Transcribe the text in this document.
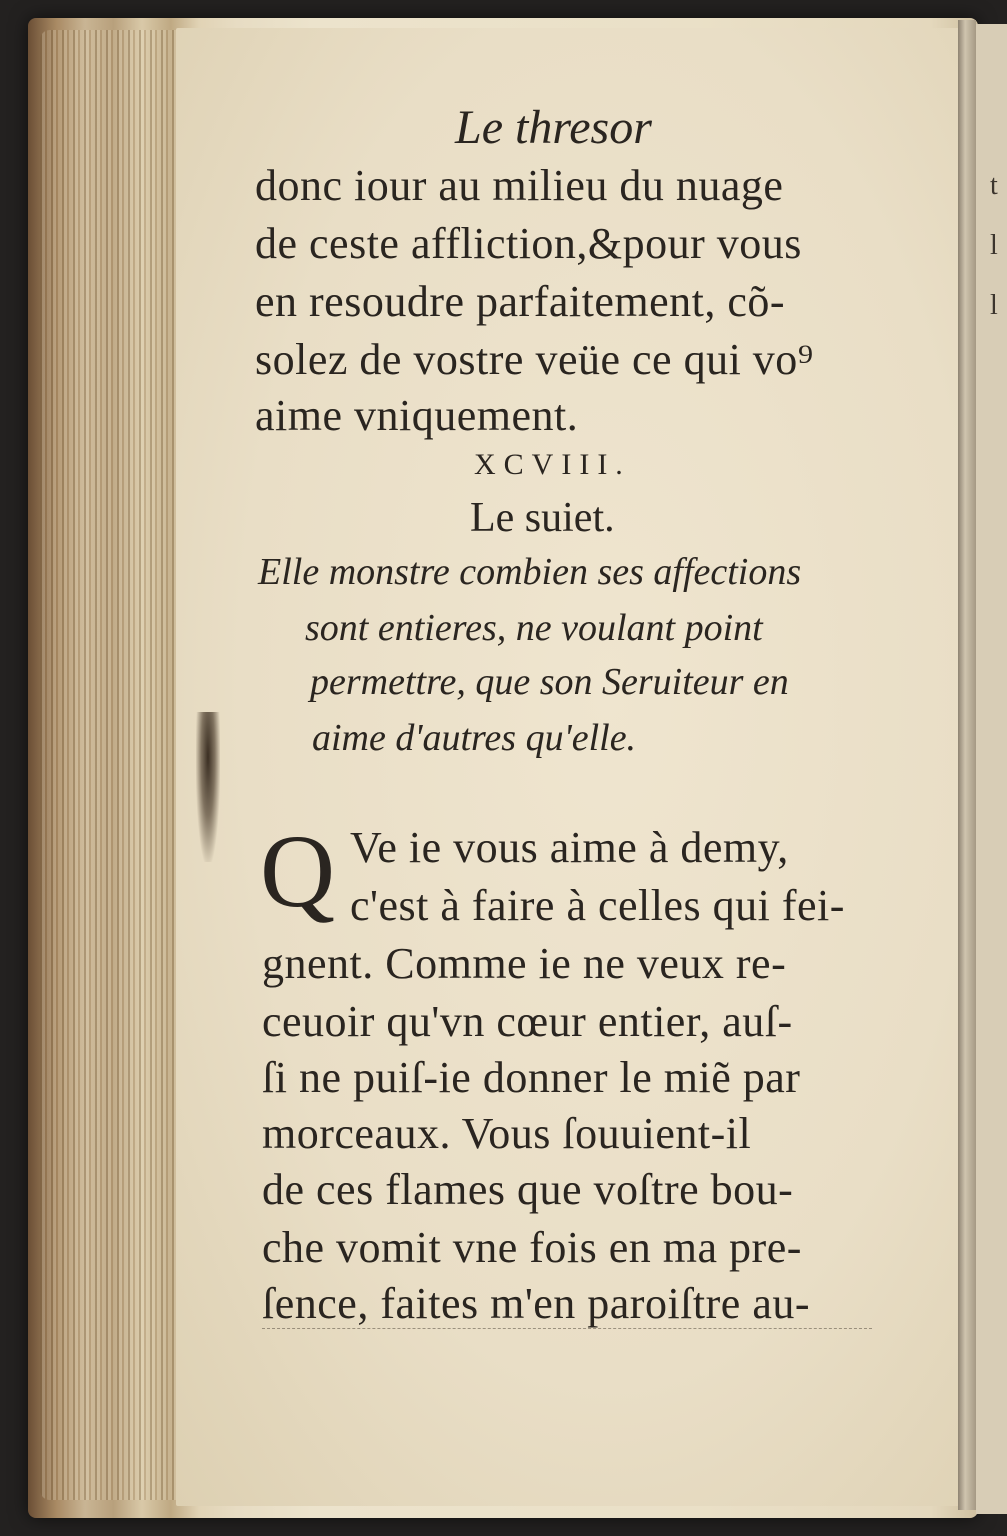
t
l
l
Le thresor
donc iour au milieu du nuage
de ceste affliction,&pour vous
en resoudre parfaitement, cõ-
solez de vostre veüe ce qui vo⁹
aime vniquement.
XCVIII.
Le suiet.
Elle monstre combien ses affections
sont entieres, ne voulant point
permettre, que son Seruiteur en
aime d'autres qu'elle.
Q Ve ie vous aime à demy,
c'est à faire à celles qui fei-
gnent. Comme ie ne veux re-
ceuoir qu'vn cœur entier, auſ-
ſi ne puiſ-ie donner le miẽ par
morceaux. Vous ſouuient-il
de ces flames que voſtre bou-
che vomit vne fois en ma pre-
ſence, faites m'en paroiſtre au-
